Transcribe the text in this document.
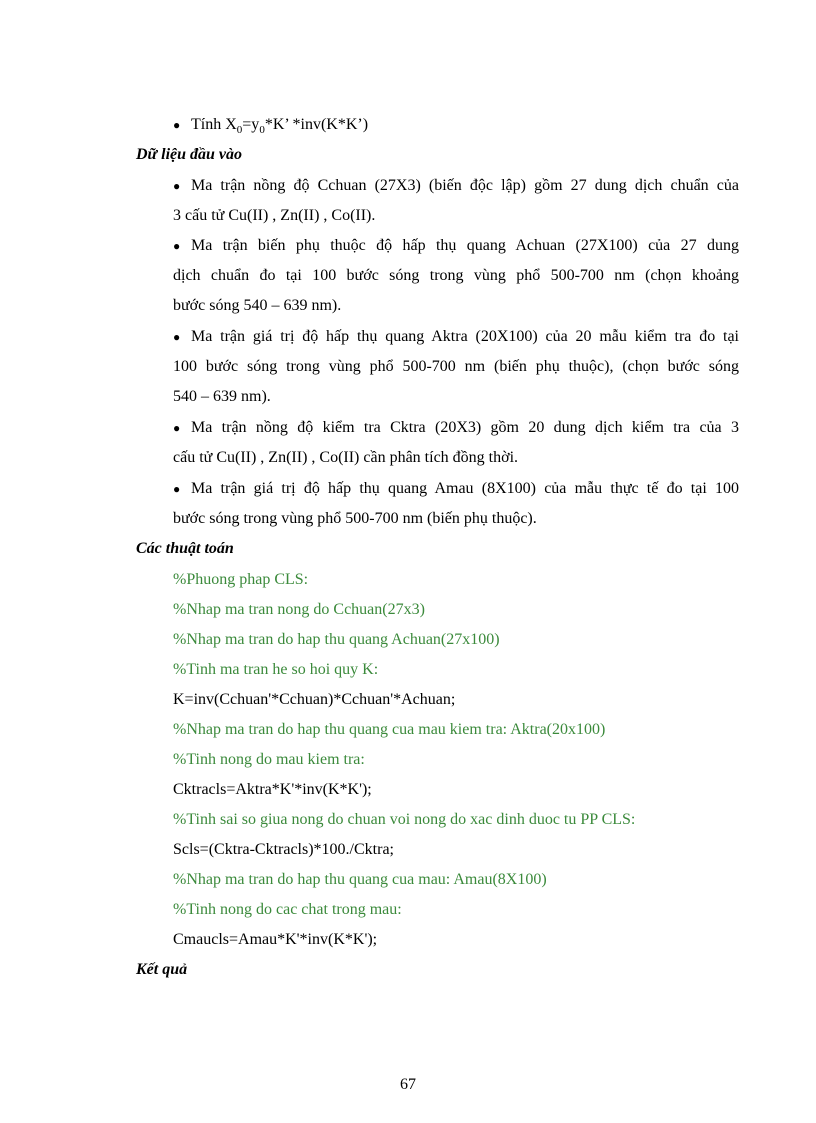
● Tính $X_0=y_0*K$’ *inv(K*K’)
Dữ liệu đầu vào
● Ma trận nồng độ Cchuan (27X3) (biến độc lập) gồm 27 dung dịch chuẩn của
3 cấu tử Cu(II) , Zn(II) , Co(II).
● Ma trận biến phụ thuộc độ hấp thụ quang Achuan (27X100) của 27 dung
dịch chuẩn đo tại 100 bước sóng trong vùng phổ 500-700 nm (chọn khoảng
bước sóng 540 – 639 nm).
● Ma trận giá trị độ hấp thụ quang Aktra (20X100) của 20 mẫu kiểm tra đo tại
100 bước sóng trong vùng phổ 500-700 nm (biến phụ thuộc), (chọn bước sóng
540 – 639 nm).
● Ma trận nồng độ kiểm tra Cktra (20X3) gồm 20 dung dịch kiểm tra của 3
cấu tử Cu(II) , Zn(II) , Co(II) cần phân tích đồng thời.
● Ma trận giá trị độ hấp thụ quang Amau (8X100) của mẫu thực tế đo tại 100
bước sóng trong vùng phổ 500-700 nm (biến phụ thuộc).
Các thuật toán
%Phuong phap CLS:
%Nhap ma tran nong do Cchuan(27x3)
%Nhap ma tran do hap thu quang Achuan(27x100)
%Tinh ma tran he so hoi quy K:
K=inv(Cchuan'*Cchuan)*Cchuan'*Achuan;
%Nhap ma tran do hap thu quang cua mau kiem tra: Aktra(20x100)
%Tinh nong do mau kiem tra:
Cktracls=Aktra*K'*inv(K*K');
%Tinh sai so giua nong do chuan voi nong do xac dinh duoc tu PP CLS:
Scls=(Cktra-Cktracls)*100./Cktra;
%Nhap ma tran do hap thu quang cua mau: Amau(8X100)
%Tinh nong do cac chat trong mau:
Cmaucls=Amau*K'*inv(K*K');
Kết quả
67
